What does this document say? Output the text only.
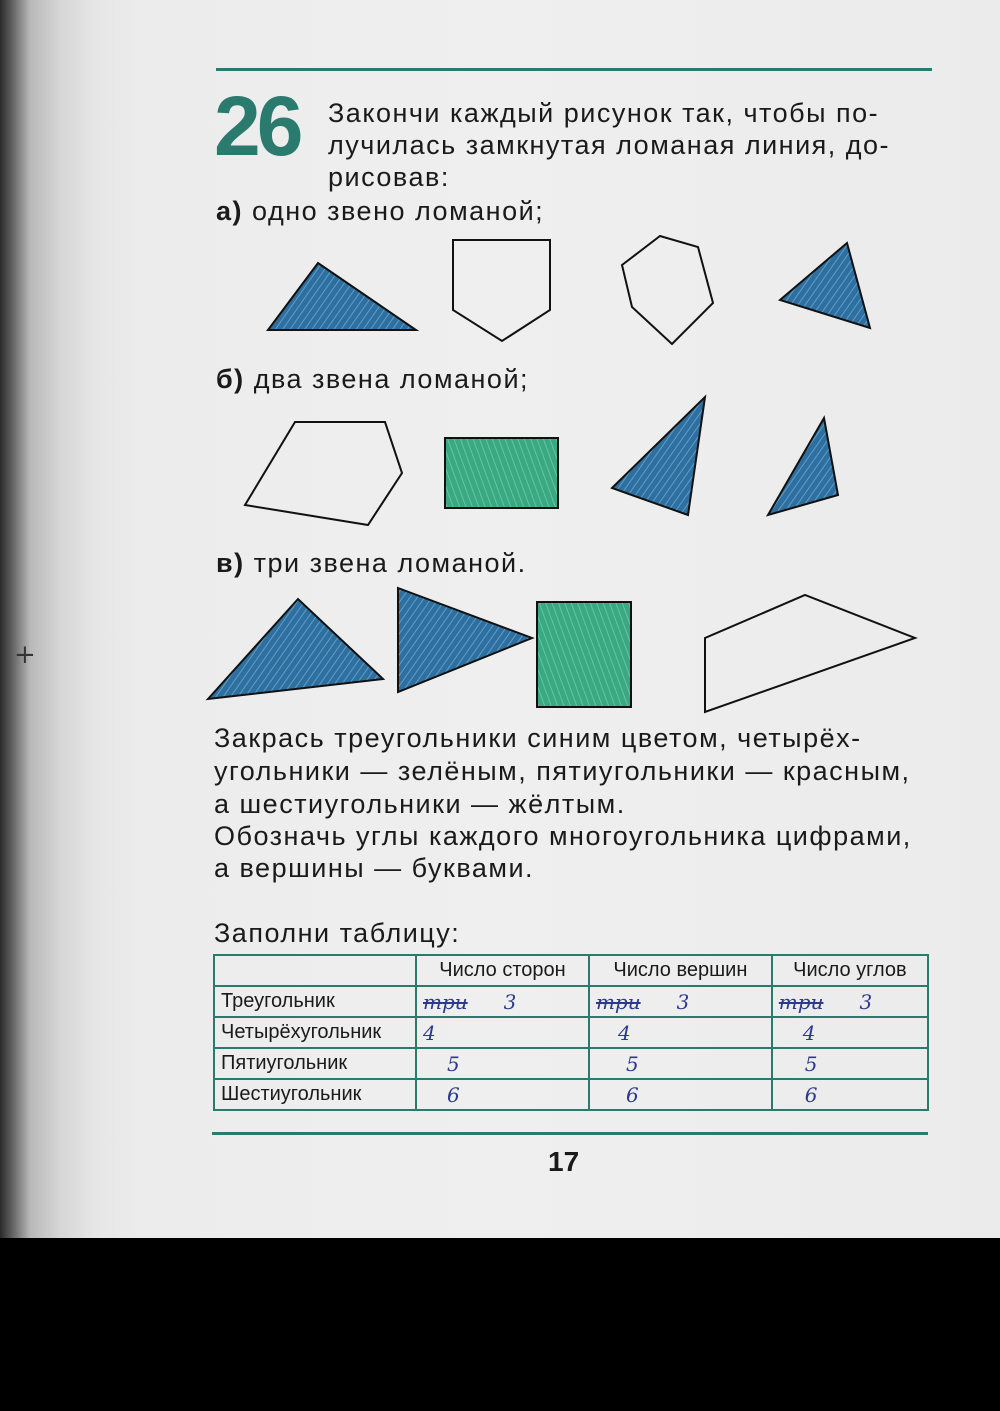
26 Закончи каждый рисунок так, чтобы по-
лучилась замкнутая ломаная линия, до-
рисовав:
а) одно звено ломаной;
б) два звена ломаной;
в) три звена ломаной.
Закрась треугольники синим цветом, четырёх-
угольники — зелёным, пятиугольники — красным,
а шестиугольники — жёлтым.
Обозначь углы каждого многоугольника цифрами,
а вершины — буквами.
Заполни таблицу:
	Число сторон	Число вершин	Число углов
Треугольник	три 3	три 3	три 3
Четырёхугольник	4	4	4
Пятиугольник	5	5	5
Шестиугольник	6	6	6
17
+
